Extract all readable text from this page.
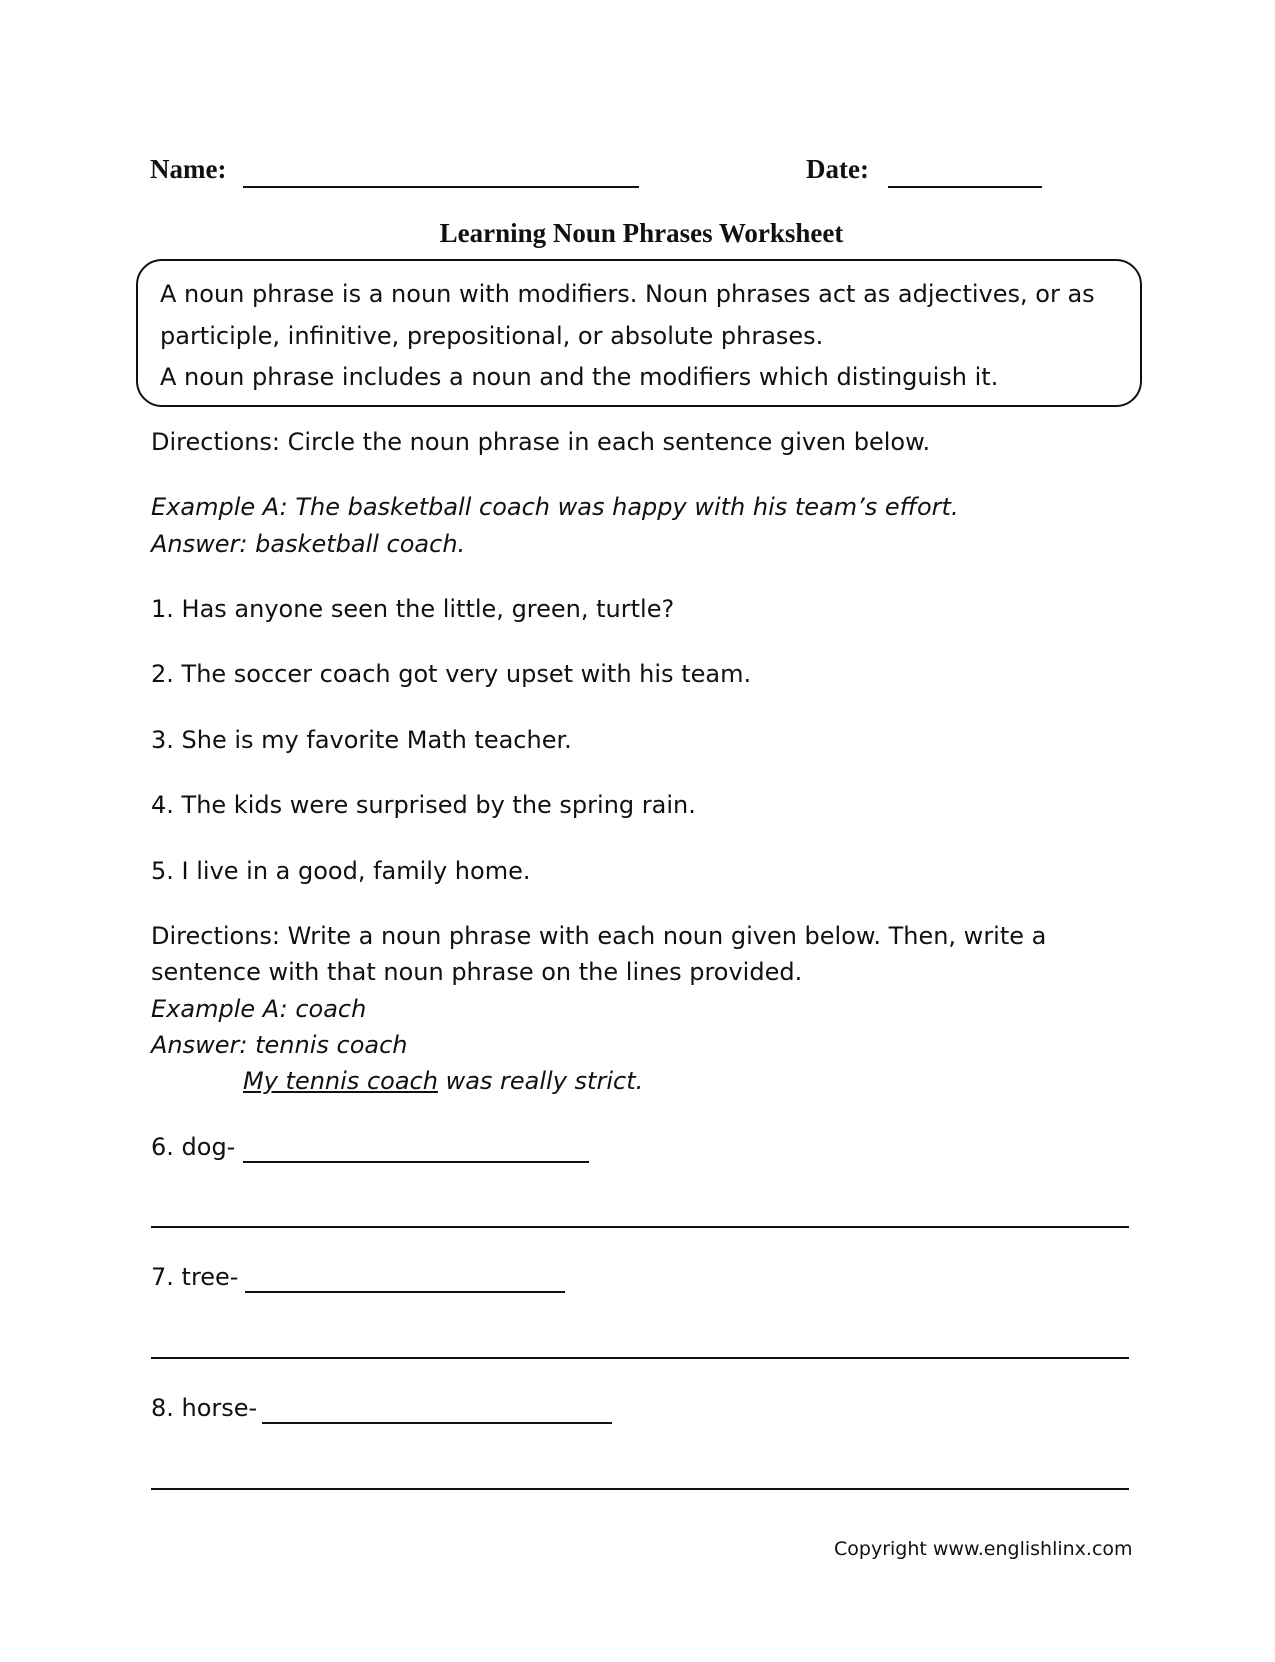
Name:	Date:
Learning Noun Phrases Worksheet
A noun phrase is a noun with modifiers. Noun phrases act as adjectives, or as
participle, infinitive, prepositional, or absolute phrases.
A noun phrase includes a noun and the modifiers which distinguish it.
Directions: Circle the noun phrase in each sentence given below.
Example A: The basketball coach was happy with his team’s effort.
Answer: basketball coach.
1. Has anyone seen the little, green, turtle?
2. The soccer coach got very upset with his team.
3. She is my favorite Math teacher.
4. The kids were surprised by the spring rain.
5. I live in a good, family home.
Directions: Write a noun phrase with each noun given below. Then, write a
sentence with that noun phrase on the lines provided.
Example A: coach
Answer: tennis coach
My tennis coach was really strict.
6. dog-
7. tree-
8. horse-
Copyright www.englishlinx.com
